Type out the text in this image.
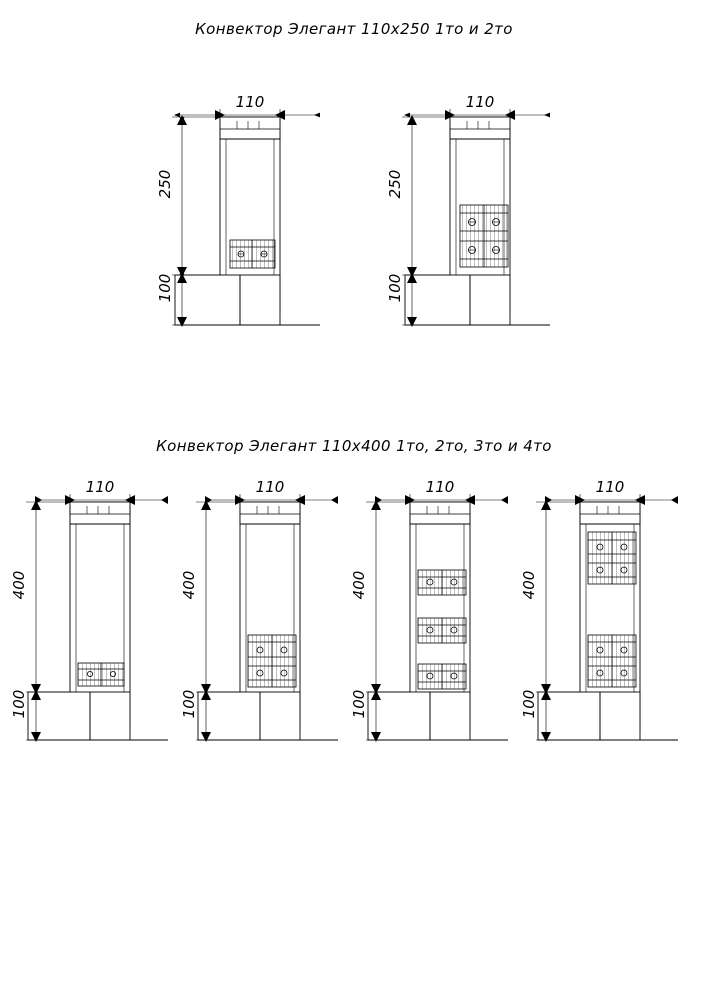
Конвектор Элегант 110х250 1то и 2то
110
250
100
110
250
100
Конвектор Элегант 110х400 1то, 2то, 3то и 4то
110
400
100
110
400
100
110
400
100
110
400
100
